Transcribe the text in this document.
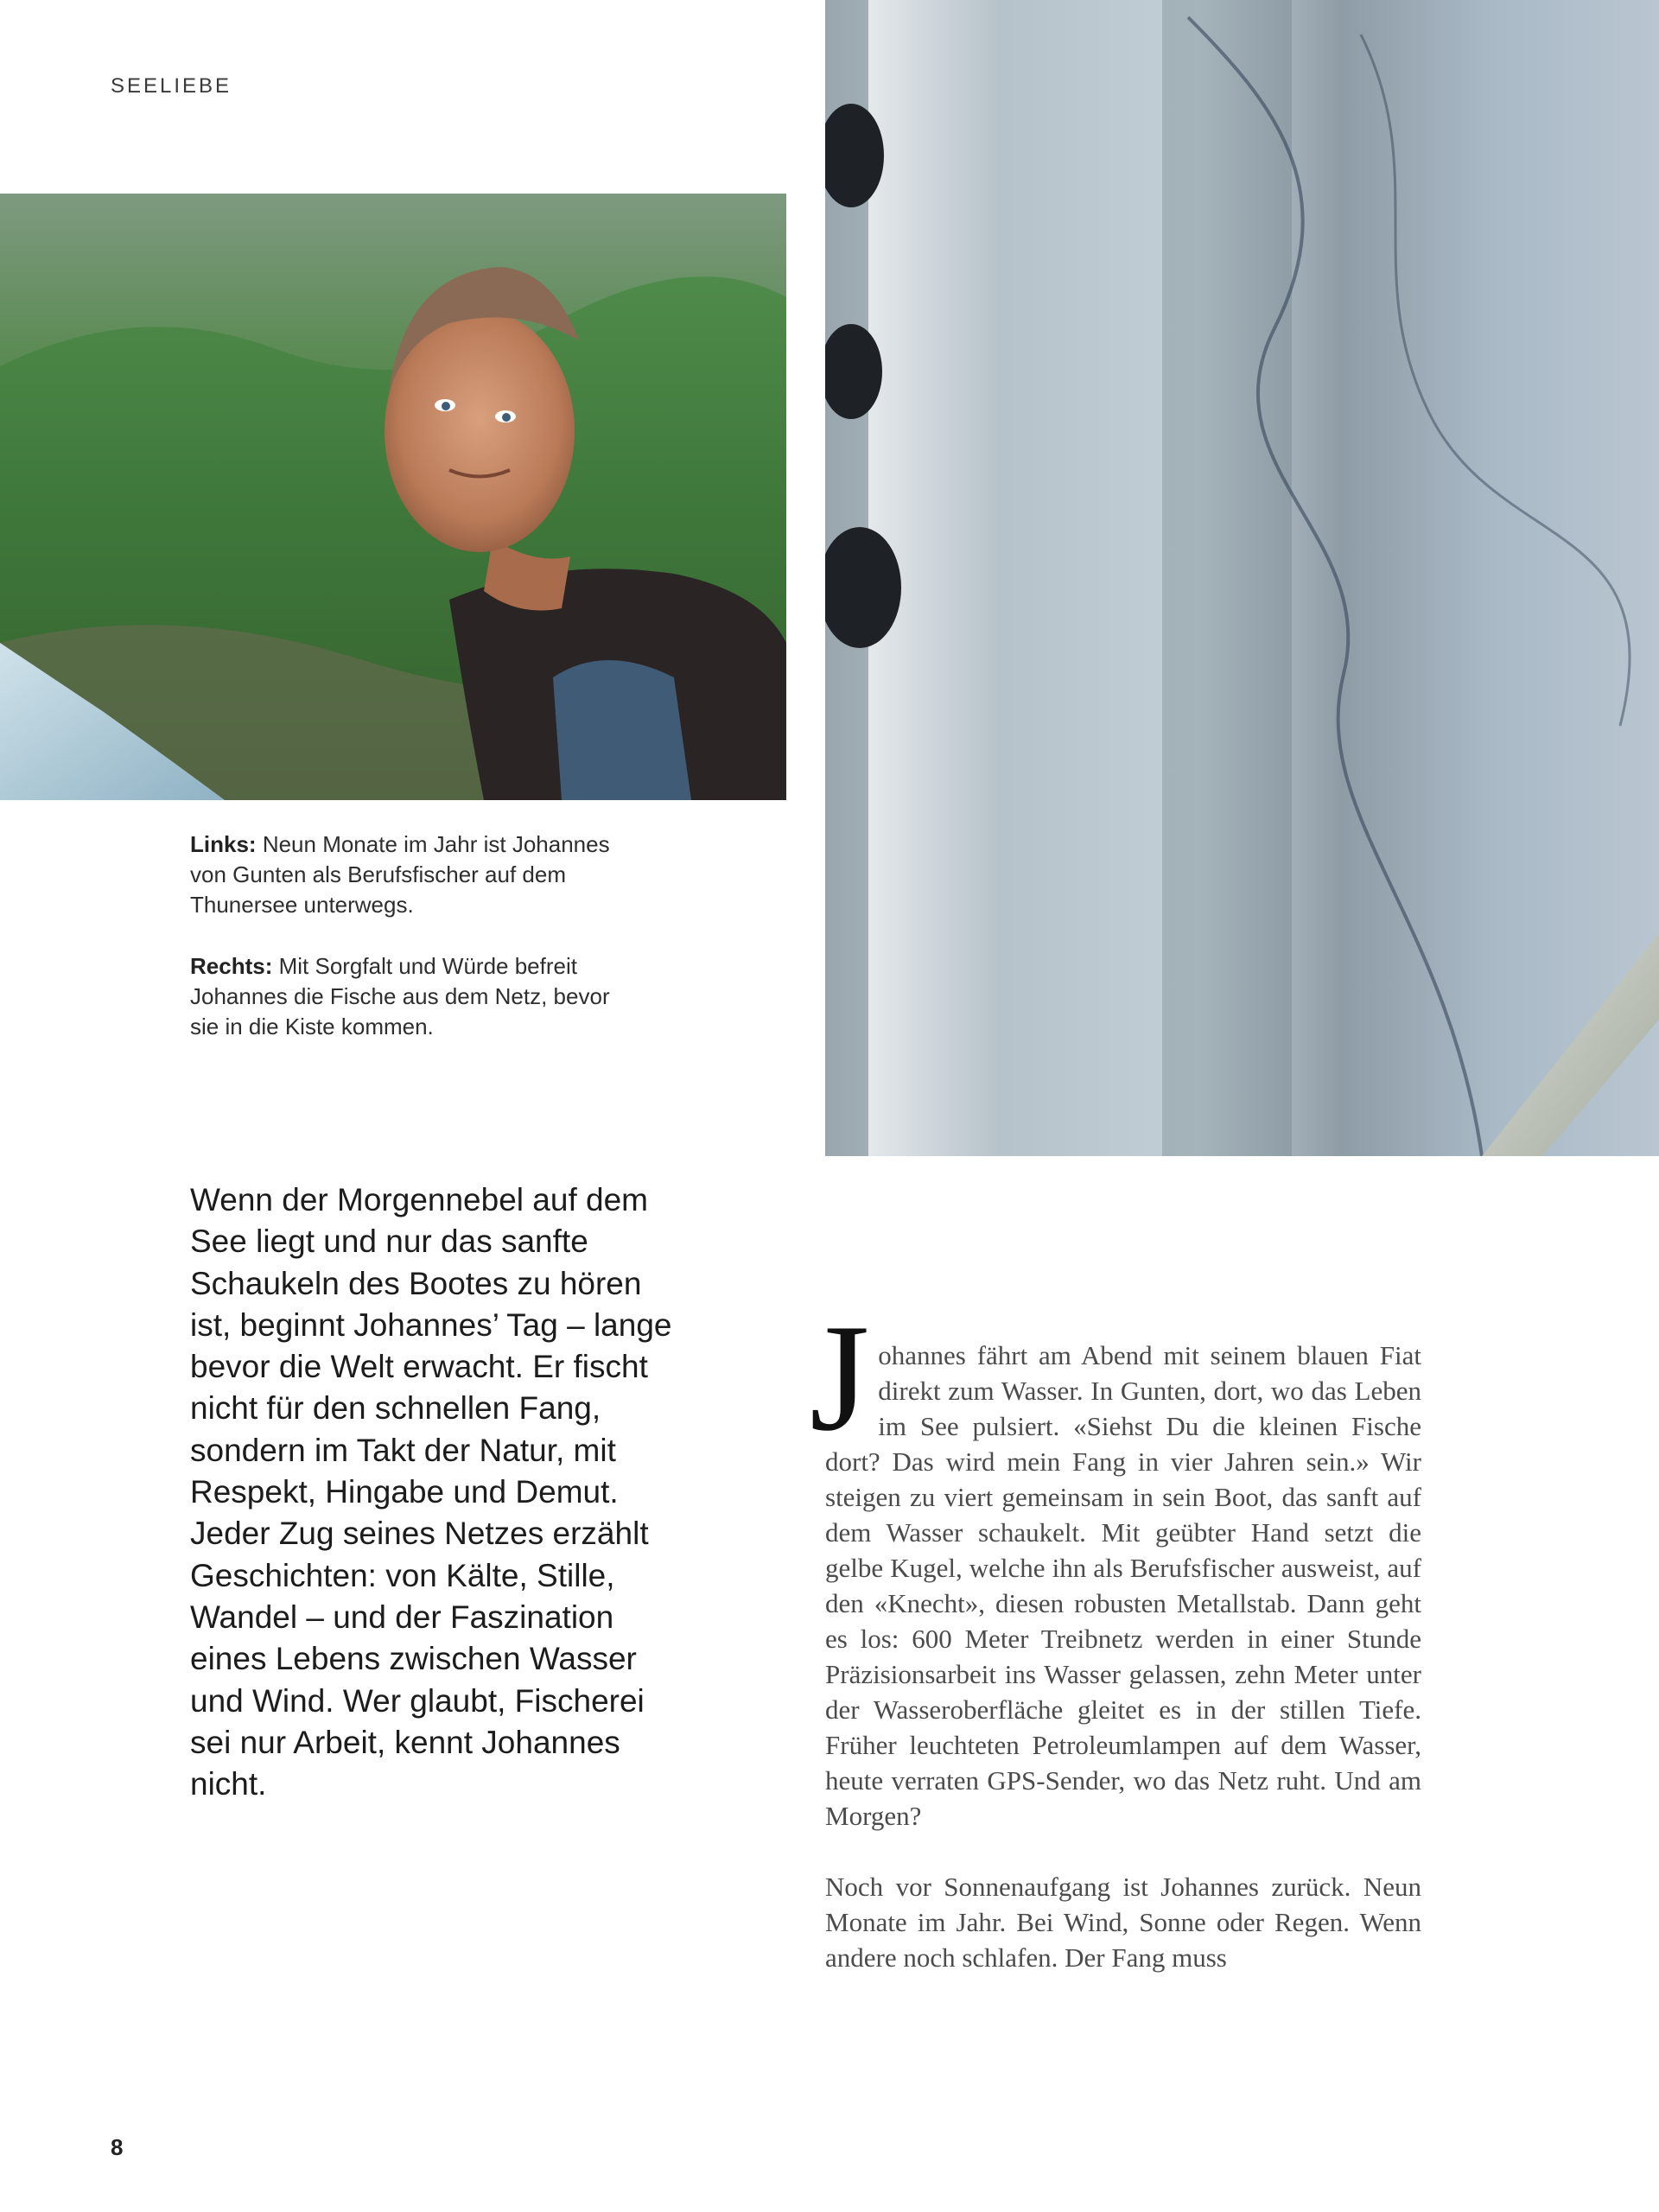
SEELIEBE

Links: Neun Monate im Jahr ist Johannes von Gunten als Berufsfischer auf dem Thunersee unterwegs.

Rechts: Mit Sorgfalt und Würde befreit Johannes die Fische aus dem Netz, bevor sie in die Kiste kommen.

Wenn der Morgennebel auf dem See liegt und nur das sanfte Schaukeln des Bootes zu hören ist, beginnt Johannes’ Tag – lange bevor die Welt erwacht. Er fischt nicht für den schnellen Fang, sondern im Takt der Natur, mit Respekt, Hingabe und Demut. Jeder Zug seines Netzes erzählt Geschichten: von Kälte, Stille, Wandel – und der Faszination eines Lebens zwischen Wasser und Wind. Wer glaubt, Fischerei sei nur Arbeit, kennt Johannes nicht.

J ohannes fährt am Abend mit seinem blauen Fiat direkt zum Wasser. In Gunten, dort, wo das Leben im See pulsiert. «Siehst Du die kleinen Fische dort? Das wird mein Fang in vier Jahren sein.» Wir steigen zu viert gemeinsam in sein Boot, das sanft auf dem Wasser schaukelt. Mit geübter Hand setzt die gelbe Kugel, welche ihn als Berufsfischer ausweist, auf den «Knecht», diesen robusten Metallstab. Dann geht es los: 600 Meter Treibnetz werden in einer Stunde Präzisionsarbeit ins Wasser gelassen, zehn Meter unter der Wasseroberfläche gleitet es in der stillen Tiefe. Früher leuchteten Petroleumlampen auf dem Wasser, heute verraten GPS-Sender, wo das Netz ruht. Und am Morgen?

Noch vor Sonnenaufgang ist Johannes zurück. Neun Monate im Jahr. Bei Wind, Sonne oder Regen. Wenn andere noch schlafen. Der Fang muss

8
